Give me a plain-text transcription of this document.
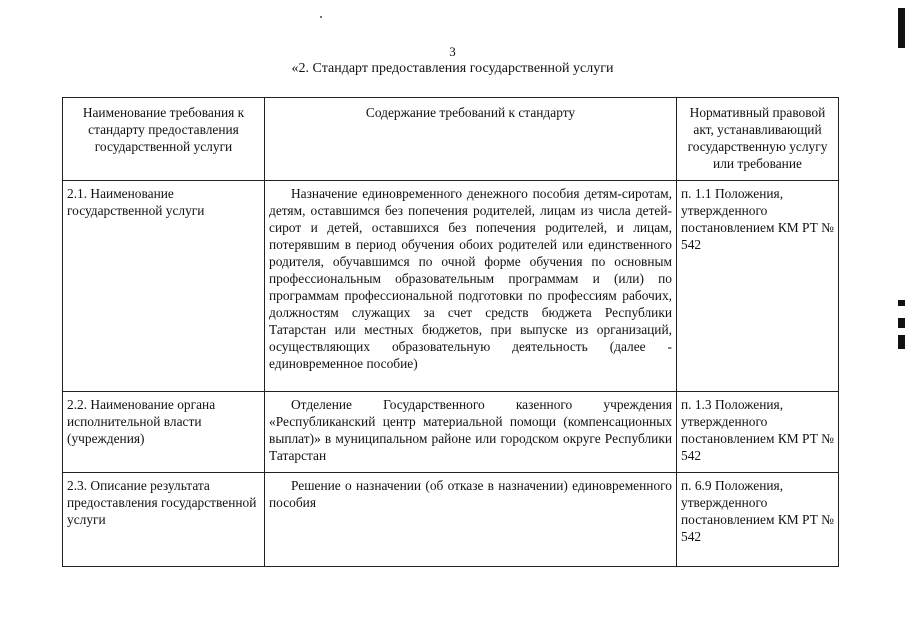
3
«2. Стандарт предоставления государственной услуги
Наименование требования к стандарту предоставления государственной услуги	Содержание требований к стандарту	Нормативный правовой акт, устанавливающий государственную услугу или требование
2.1. Наименование государственной услуги	Назначение единовременного денежного пособия детям-сиротам, детям, оставшимся без попечения родителей, лицам из числа детей-сирот и детей, оставшихся без попечения родителей, и лицам, потерявшим в период обучения обоих родителей или единственного родителя, обучавшимся по очной форме обучения по основным профессиональным образовательным программам и (или) по программам профессиональной подготовки по профессиям рабочих, должностям служащих за счет средств бюджета Республики Татарстан или местных бюджетов, при выпуске из организаций, осуществляющих образовательную деятельность (далее - единовременное пособие)	п. 1.1 Положения, утвержденного постановлением КМ РТ № 542
2.2. Наименование органа исполнительной власти (учреждения)	Отделение Государственного казенного учреждения «Республиканский центр материальной помощи (компенсационных выплат)» в муниципальном районе или городском округе Республики Татарстан	п. 1.3 Положения, утвержденного постановлением КМ РТ № 542
2.3. Описание результата предоставления государственной услуги	Решение о назначении (об отказе в назначении) единовременного пособия	п. 6.9 Положения, утвержденного постановлением КМ РТ № 542
